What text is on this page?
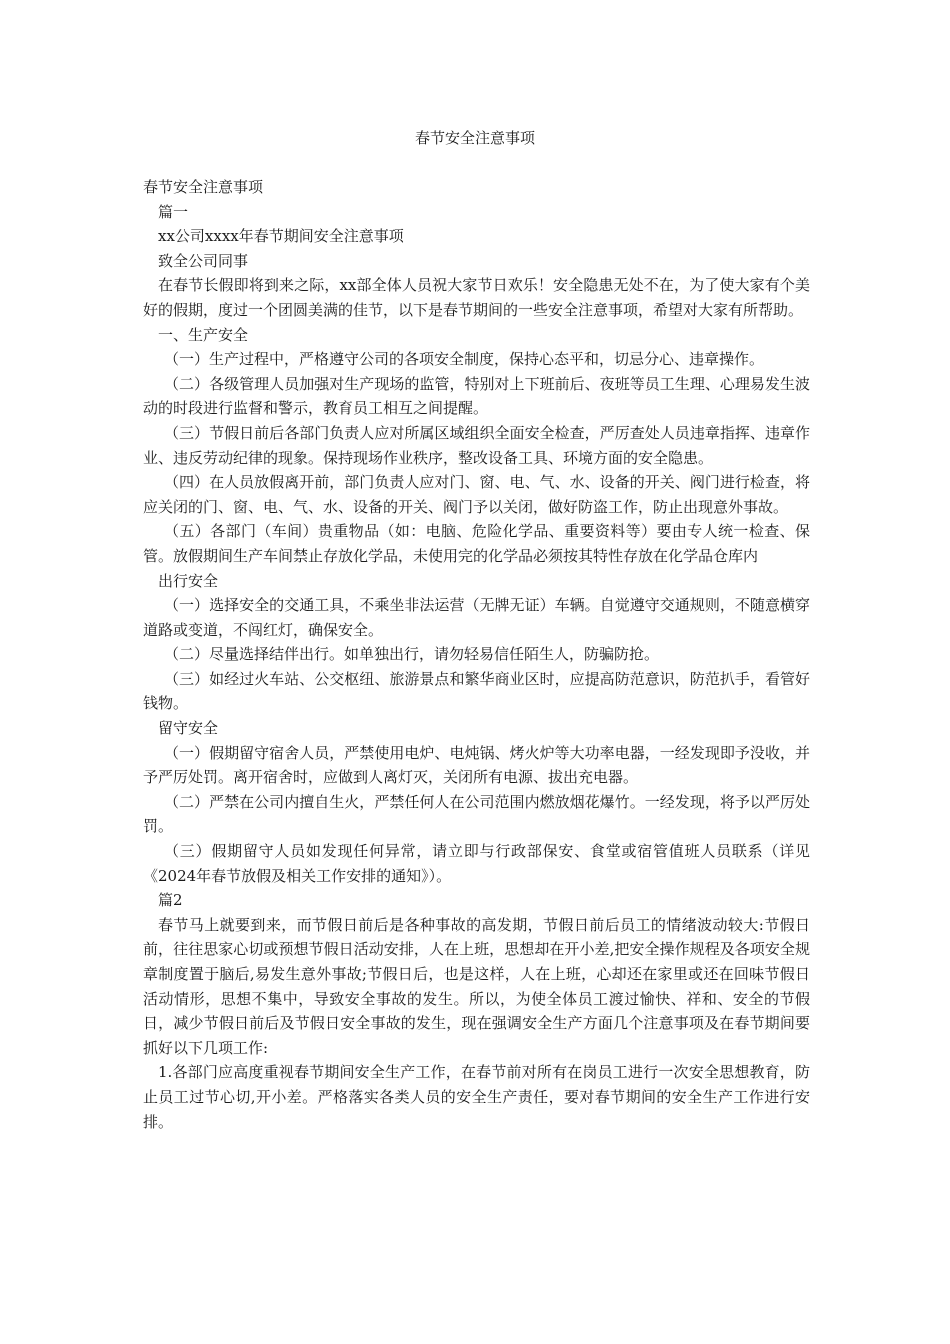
春节安全注意事项

春节安全注意事项

篇一

xx公司xxxx年春节期间安全注意事项

致全公司同事

在春节长假即将到来之际，xx部全体人员祝大家节日欢乐！安全隐患无处不在，为了使大家有个美好的假期，度过一个团圆美满的佳节，以下是春节期间的一些安全注意事项，希望对大家有所帮助。

一、生产安全

（一）生产过程中，严格遵守公司的各项安全制度，保持心态平和，切忌分心、违章操作。

（二）各级管理人员加强对生产现场的监管，特别对上下班前后、夜班等员工生理、心理易发生波动的时段进行监督和警示，教育员工相互之间提醒。

（三）节假日前后各部门负责人应对所属区域组织全面安全检查，严厉查处人员违章指挥、违章作业、违反劳动纪律的现象。保持现场作业秩序，整改设备工具、环境方面的安全隐患。

（四）在人员放假离开前，部门负责人应对门、窗、电、气、水、设备的开关、阀门进行检查，将应关闭的门、窗、电、气、水、设备的开关、阀门予以关闭，做好防盗工作，防止出现意外事故。

（五）各部门（车间）贵重物品（如：电脑、危险化学品、重要资料等）要由专人统一检查、保管。放假期间生产车间禁止存放化学品，未使用完的化学品必须按其特性存放在化学品仓库内

出行安全

（一）选择安全的交通工具，不乘坐非法运营（无牌无证）车辆。自觉遵守交通规则，不随意横穿道路或变道，不闯红灯，确保安全。

（二）尽量选择结伴出行。如单独出行，请勿轻易信任陌生人，防骗防抢。

（三）如经过火车站、公交枢纽、旅游景点和繁华商业区时，应提高防范意识，防范扒手，看管好钱物。

留守安全

（一）假期留守宿舍人员，严禁使用电炉、电炖锅、烤火炉等大功率电器，一经发现即予没收，并予严厉处罚。离开宿舍时，应做到人离灯灭，关闭所有电源、拔出充电器。

（二）严禁在公司内擅自生火，严禁任何人在公司范围内燃放烟花爆竹。一经发现，将予以严厉处罚。

（三）假期留守人员如发现任何异常，请立即与行政部保安、食堂或宿管值班人员联系（详见《2024年春节放假及相关工作安排的通知》）。

篇2

春节马上就要到来，而节假日前后是各种事故的高发期，节假日前后员工的情绪波动较大:节假日前，往往思家心切或预想节假日活动安排，人在上班，思想却在开小差,把安全操作规程及各项安全规章制度置于脑后,易发生意外事故;节假日后，也是这样，人在上班，心却还在家里或还在回味节假日活动情形，思想不集中，导致安全事故的发生。所以，为使全体员工渡过愉快、祥和、安全的节假日，减少节假日前后及节假日安全事故的发生，现在强调安全生产方面几个注意事项及在春节期间要抓好以下几项工作:

1.各部门应高度重视春节期间安全生产工作，在春节前对所有在岗员工进行一次安全思想教育，防止员工过节心切,开小差。严格落实各类人员的安全生产责任，要对春节期间的安全生产工作进行安排。
